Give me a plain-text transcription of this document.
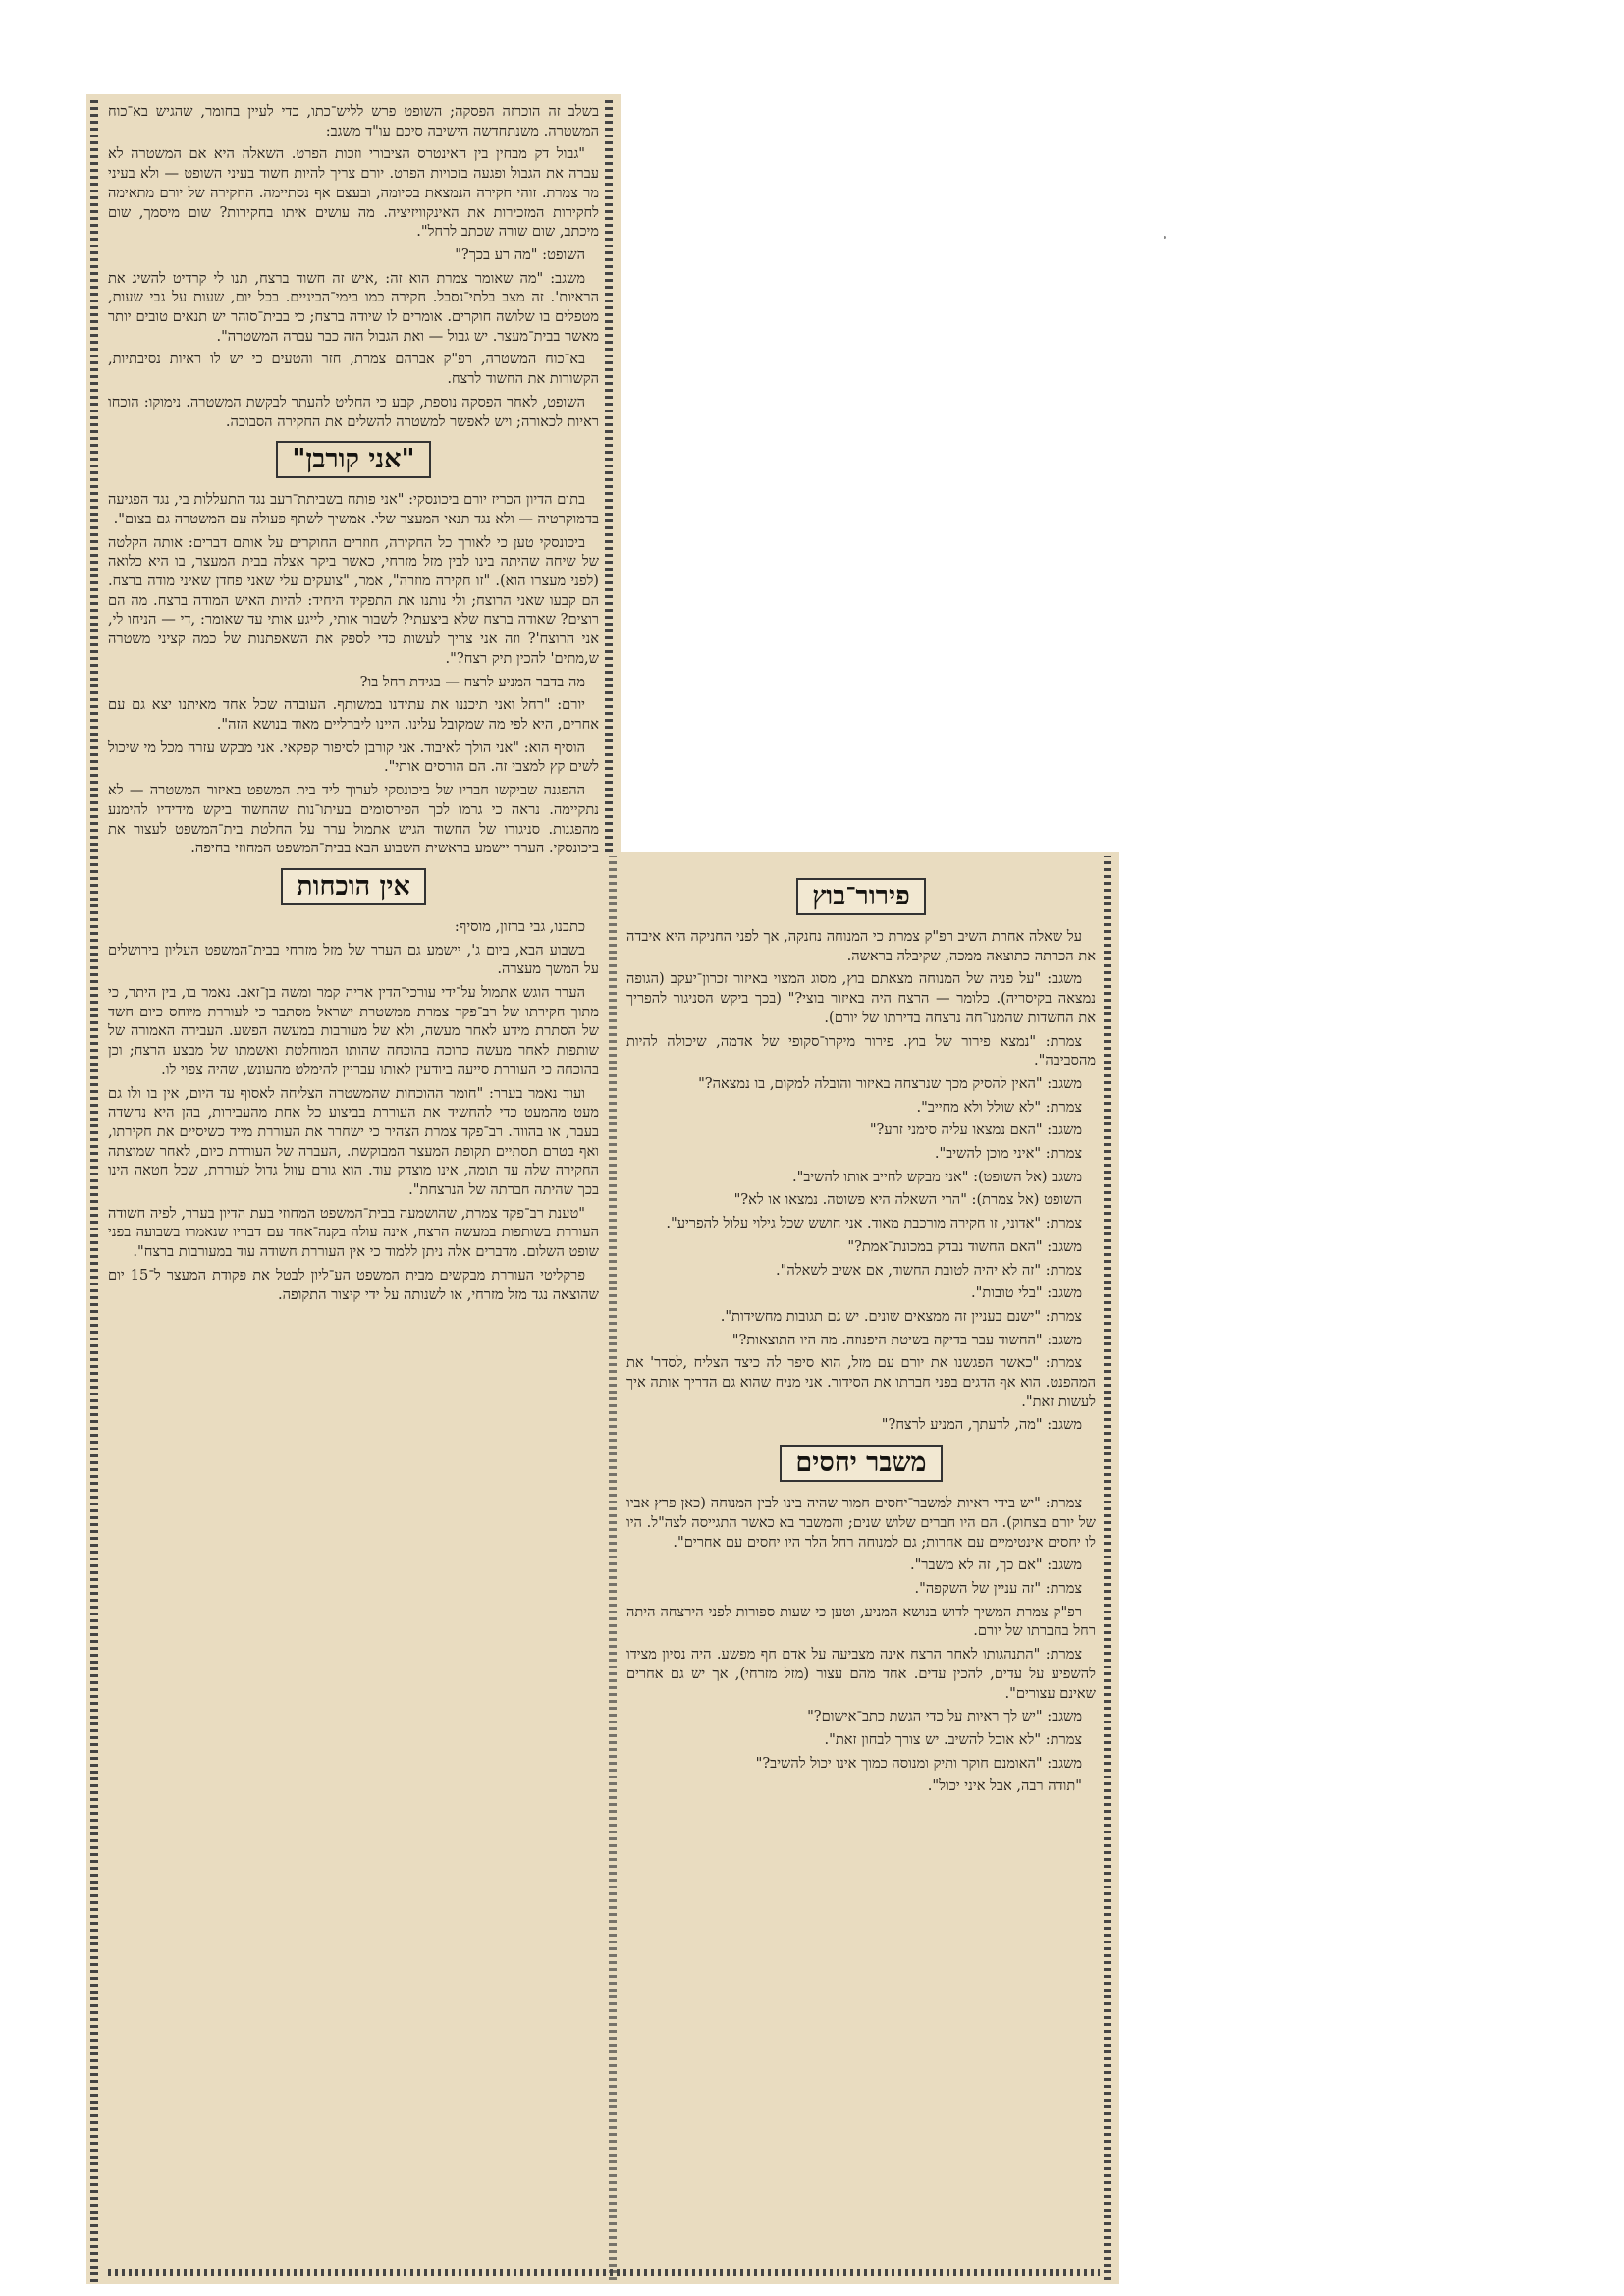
בשלב זה הוכרזה הפסקה; השופט פרש לליש־כתו, כדי לעיין בחומר, שהגיש בא־כוח המשטרה. משנתחדשה הישיבה סיכם עו"ד משגב:

"גבול דק מבחין בין האינטרס הציבורי וזכות הפרט. השאלה היא אם המשטרה לא עברה את הגבול ופגעה בזכויות הפרט. יורם צריך להיות חשוד בעיני השופט — ולא בעיני מר צמרת. זוהי חקירה הנמצאת בסיומה, ובעצם אף נסתיימה. החקירה של יורם מתאימה לחקירות המזכירות את האינקוויזיציה. מה עושים איתו בחקירות? שום מיסמך, שום מיכתב, שום שורה שכתב לרחל".

השופט: "מה רע בכך?"

משגב: "מה שאומר צמרת הוא זה: ,איש זה חשוד ברצח, תנו לי קרדיט להשיג את הראיות'. זה מצב בלתי־נסבל. חקירה כמו בימי־הביניים. בכל יום, שעות על גבי שעות, מטפלים בו שלושה חוקרים. אומרים לו שיודה ברצח; כי בבית־סוהר יש תנאים טובים יותר מאשר בבית־מעצר. יש גבול — ואת הגבול הזה כבר עברה המשטרה".

בא־כוח המשטרה, רפ"ק אברהם צמרת, חזר והטעים כי יש לו ראיות נסיבתיות, הקשורות את החשוד לרצח.

השופט, לאחר הפסקה נוספת, קבע כי החליט להעתר לבקשת המשטרה. נימוקו: הוכחו ראיות לכאורה; ויש לאפשר למשטרה להשלים את החקירה הסבוכה.

"אני קורבן"

בתום הדיון הכריז יורם ביכונסקי: "אני פותח בשביתת־רעב נגד התעללות בי, נגד הפגיעה בדמוקרטיה — ולא נגד תנאי המעצר שלי. אמשיך לשתף פעולה עם המשטרה גם בצום".

ביכונסקי טען כי לאורך כל החקירה, חוזרים החוקרים על אותם דברים: אותה הקלטה של שיחה שהיתה בינו לבין מזל מזרחי, כאשר ביקר אצלה בבית המעצר, בו היא כלואה (לפני מעצרו הוא). "זו חקירה מוזרה", אמר, "צועקים עלי שאני פחדן שאיני מודה ברצח. הם קבעו שאני הרוצח; ולי נותנו את התפקיד היחיד: להיות האיש המודה ברצח. מה הם רוצים? שאודה ברצח שלא ביצעתי? לשבור אותי, לייגע אותי עד שאומר: ,די — הניחו לי, אני הרוצח'? וזה אני צריך לעשות כדי לספק את השאפתנות של כמה קציני משטרה ש,מתים' להכין תיק רצח?".

מה בדבר המניע לרצח — בגידת רחל בו?

יורם: "רחל ואני תיכננו את עתידנו במשותף. העובדה שכל אחד מאיתנו יצא גם עם אחרים, היא לפי מה שמקובל עלינו. היינו ליברליים מאוד בנושא הזה".

הוסיף הוא: "אני הולך לאיבוד. אני קורבן לסיפור קפקאי. אני מבקש עזרה מכל מי שיכול לשים קץ למצבי זה. הם הורסים אותי".

ההפגנה שביקשו חבריו של ביכונסקי לערוך ליד בית המשפט באיזור המשטרה — לא נתקיימה. נראה כי גרמו לכך הפירסומים בעיתו־נות שהחשוד ביקש מידידיו להימנע מהפגנות. סניגורו של החשוד הגיש אתמול ערר על החלטת בית־המשפט לעצור את ביכונסקי. הערר יישמע בראשית השבוע הבא בבית־המשפט המחוזי בחיפה.

אין הוכחות

כתבנו, גבי ברזון, מוסיף:

בשבוע הבא, ביום ג', יישמע גם הערר של מזל מזרחי בבית־המשפט העליון בירושלים על המשך מעצרה.

הערר הוגש אתמול על־ידי עורכי־הדין אריה קמר ומשה בן־זאב. נאמר בו, בין היתר, כי מתוך חקירתו של רב־פקד צמרת ממשטרת ישראל מסתבר כי לעוררת מיוחס כיום חשד של הסתרת מידע לאחר מעשה, ולא של מעורבות במעשה הפשע. העבירה האמורה של שותפות לאחר מעשה כרוכה בהוכחה שהותו המוחלטת ואשמתו של מבצע הרצח; וכן בהוכחה כי העוררת סייעה ביודעין לאותו עבריין להימלט מהעונש, שהיה צפוי לו.

ועוד נאמר בערר: "חומר ההוכחות שהמשטרה הצליחה לאסוף עד היום, אין בו ולו גם מעט מהמעט כדי להחשיד את העוררת בביצוע כל אחת מהעבירות, בהן היא נחשדה בעבר, או בהווה. רב־פקד צמרת הצהיר כי ישחרר את העוררת מייד כשיסיים את חקירתו, ואף בטרם תסתיים תקופת המעצר המבוקשת. ,העברה של העוררת כיום, לאחר שמוצתה החקירה שלה עד תומה, אינו מוצדק עוד. הוא גורם עוול גדול לעוררת, שכל חטאה הינו בכך שהיתה חברתה של הנרצחת".

"טענת רב־פקד צמרת, שהושמעה בבית־המשפט המחוזי בעת הדיון בערר, לפיה חשודה העוררת בשותפות במעשה הרצח, אינה עולה בקנה־אחד עם דבריו שנאמרו בשבועה בפני שופט השלום. מדברים אלה ניתן ללמוד כי אין העוררת חשודה עוד במעורבות ברצח".

פרקליטי העוררת מבקשים מבית המשפט הע־ליון לבטל את פקודת המעצר ל־15 יום שהוצאה נגד מזל מזרחי, או לשנותה על ידי קיצור התקופה.

פירור־בוץ

על שאלה אחרת השיב רפ"ק צמרת כי המנוחה נחנקה, אך לפני החניקה היא איבדה את הכרתה כתוצאה ממכה, שקיבלה בראשה.

משגב: "על פניה של המנוחה מצאתם בוץ, מסוג המצוי באיזור זכרון־יעקב (הגופה נמצאה בקיסריה). כלומר — הרצח היה באיזור בוצי?" (בכך ביקש הסניגור להפריך את החשדות שהמנו־חה נרצחה בדירתו של יורם).

צמרת: "נמצא פירור של בוץ. פירור מיקרו־סקופי של אדמה, שיכולה להיות מהסביבה".

משגב: "האין להסיק מכך שנרצחה באיזור והובלה למקום, בו נמצאה?"

צמרת: "לא שולל ולא מחייב".

משגב: "האם נמצאו עליה סימני זרע?"

צמרת: "איני מוכן להשיב".

משגב (אל השופט): "אני מבקש לחייב אותו להשיב".

השופט (אל צמרת): "הרי השאלה היא פשוטה. נמצאו או לא?"

צמרת: "אדוני, זו חקירה מורכבת מאוד. אני חושש שכל גילוי עלול להפריע".

משגב: "האם החשוד נבדק במכונת־אמת?"

צמרת: "זה לא יהיה לטובת החשוד, אם אשיב לשאלה".

משגב: "בלי טובות".

צמרת: "ישנם בעניין זה ממצאים שונים. יש גם תגובות מחשידות".

משגב: "החשוד עבר בדיקה בשיטת היפנוזה. מה היו התוצאות?"

צמרת: "כאשר הפגשנו את יורם עם מזל, הוא סיפר לה כיצד הצליח ,לסדר' את המהפנט. הוא אף הדגים בפני חברתו את הסידור. אני מניח שהוא גם הדריך אותה איך לעשות זאת".

משגב: "מה, לדעתך, המניע לרצח?"

משבר יחסים

צמרת: "יש בידי ראיות למשבר־יחסים חמור שהיה בינו לבין המנוחה (כאן פרץ אביו של יורם בצחוק). הם היו חברים שלוש שנים; והמשבר בא כאשר התגייסה לצה"ל. היו לו יחסים אינטימיים עם אחרות; גם למנוחה רחל הלר היו יחסים עם אחרים".

משגב: "אם כך, זה לא משבר".

צמרת: "זה עניין של השקפה".

רפ"ק צמרת המשיך לדוש בנושא המניע, וטען כי שעות ספורות לפני הירצחה היתה רחל בחברתו של יורם.

צמרת: "התנהגותו לאחר הרצח אינה מצביעה על אדם חף מפשע. היה נסיון מצידו להשפיע על עדים, להכין עדים. אחד מהם עצור (מזל מזרחי), אך יש גם אחרים שאינם עצורים".

משגב: "יש לך ראיות על כדי הגשת כתב־אישום?"

צמרת: "לא אוכל להשיב. יש צורך לבחון זאת".

משגב: "האומנם חוקר ותיק ומנוסה כמוך אינו יכול להשיב?"

"תודה רבה, אבל איני יכול".
